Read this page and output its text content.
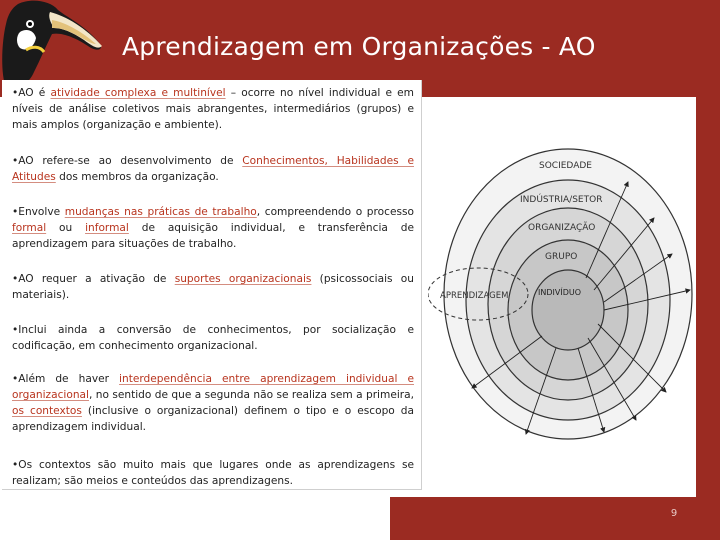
Aprendizagem em Organizações - AO
9
•AO é atividade complexa e multinível – ocorre no nível individual e em níveis de análise coletivos mais abrangentes, intermediários (grupos) e mais amplos (organização e ambiente).
•AO refere-se ao desenvolvimento de Conhecimentos, Habilidades e Atitudes dos membros da organização.
•Envolve mudanças nas práticas de trabalho, compreendendo o processo formal ou informal de aquisição individual, e transferência de aprendizagem para situações de trabalho.
•AO requer a ativação de suportes organizacionais (psicossociais ou materiais).
•Inclui ainda a conversão de conhecimentos, por socialização e codificação, em conhecimento organizacional.
•Além de haver interdependência entre aprendizagem individual e organizacional, no sentido de que a segunda não se realiza sem a primeira, os contextos (inclusive o organizacional) definem o tipo e o escopo da aprendizagem individual.
•Os contextos são muito mais que lugares onde as aprendizagens se realizam; são meios e conteúdos das aprendizagens.
SOCIEDADE
INDÚSTRIA/SETOR
ORGANIZAÇÃO
GRUPO
INDIVÍDUO
APRENDIZAGEM
